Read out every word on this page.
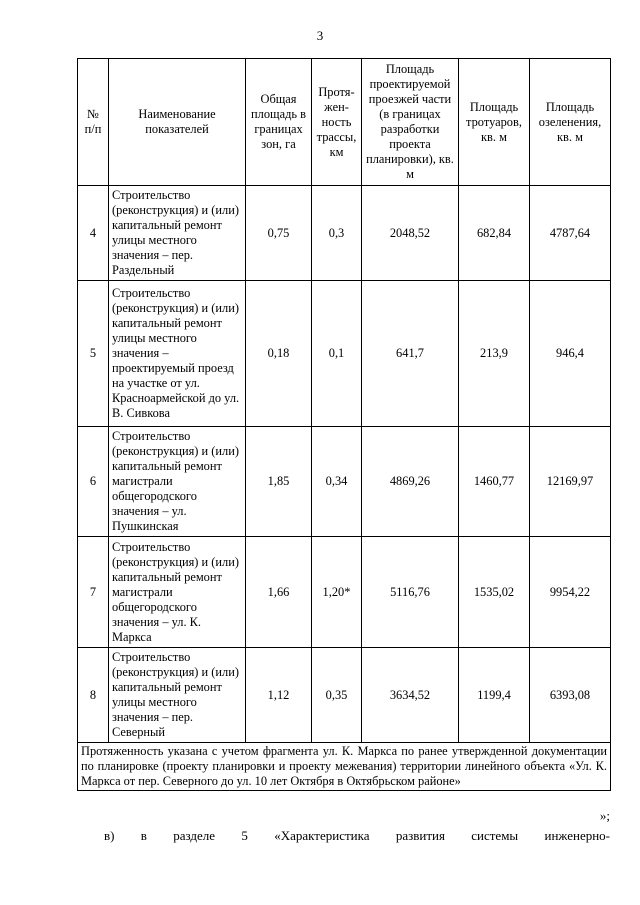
3
№ п/п	Наименование показателей	Общая площадь в границах зон, га	Протя-жен-ность трассы, км	Площадь проектируемой проезжей части (в границах разработки проекта планировки), кв. м	Площадь тротуаров, кв. м	Площадь озеленения, кв. м
4	Строительство (реконструкция) и (или) капитальный ремонт улицы местного значения – пер. Раздельный	0,75	0,3	2048,52	682,84	4787,64
5	Строительство (реконструкция) и (или) капитальный ремонт улицы местного значения – проектируемый проезд на участке от ул. Красноармейской до ул. В. Сивкова	0,18	0,1	641,7	213,9	946,4
6	Строительство (реконструкция) и (или) капитальный ремонт магистрали общегородского значения – ул. Пушкинская	1,85	0,34	4869,26	1460,77	12169,97
7	Строительство (реконструкция) и (или) капитальный ремонт магистрали общегородского значения – ул. К. Маркса	1,66	1,20*	5116,76	1535,02	9954,22
8	Строительство (реконструкция) и (или) капитальный ремонт улицы местного значения – пер. Северный	1,12	0,35	3634,52	1199,4	6393,08
Протяженность указана с учетом фрагмента ул. К. Маркса по ранее утвержденной документации по планировке (проекту планировки и проекту межевания) территории линейного объекта «Ул. К. Маркса от пер. Северного до ул. 10 лет Октября в Октябрьском районе»						
»;
в) в разделе 5 «Характеристика развития системы инженерно-
